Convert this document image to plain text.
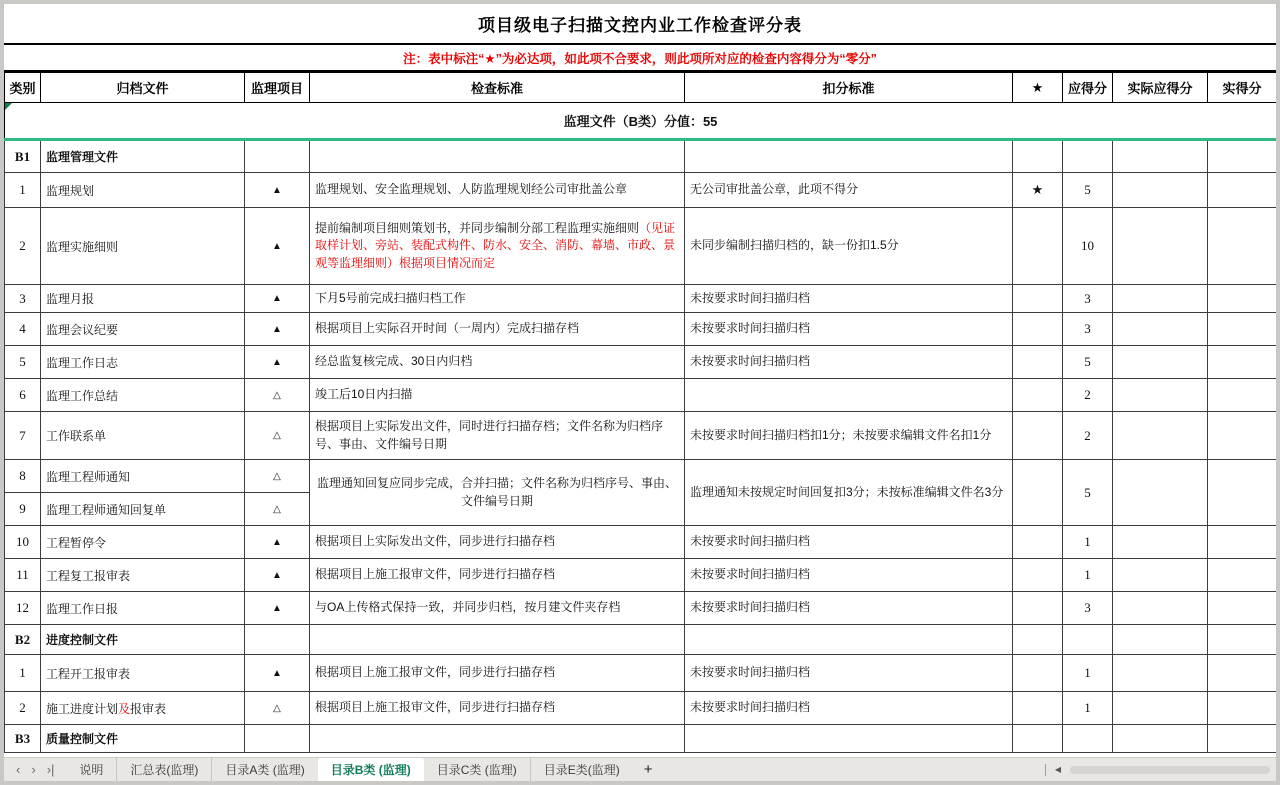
项目级电子扫描文控内业工作检查评分表
注：表中标注“★”为必达项，如此项不合要求，则此项所对应的检查内容得分为“零分”
类别	归档文件	监理项目	检查标准	扣分标准	★	应得分	实际应得分	实得分

监理文件（B类）分值：55								
B1	监理管理文件							
1	监理规划	▲	监理规划、安全监理规划、人防监理规划经公司审批盖公章	无公司审批盖公章，此项不得分	★	5		
2	监理实施细则	▲	提前编制项目细则策划书，并同步编制分部工程监理实施细则（见证取样计划、旁站、装配式构件、防水、安全、消防、幕墙、市政、景观等监理细则）根据项目情况而定	未同步编制扫描归档的，缺一份扣1.5分		10		
3	监理月报	▲	下月5号前完成扫描归档工作	未按要求时间扫描归档		3		
4	监理会议纪要	▲	根据项目上实际召开时间（一周内）完成扫描存档	未按要求时间扫描归档		3		
5	监理工作日志	▲	经总监复核完成、30日内归档	未按要求时间扫描归档		5		
6	监理工作总结	△	竣工后10日内扫描			2		
7	工作联系单	△	根据项目上实际发出文件，同时进行扫描存档；文件名称为归档序号、事由、文件编号日期	未按要求时间扫描归档扣1分；未按要求编辑文件名扣1分		2		
8	监理工程师通知	△	监理通知回复应同步完成，合并扫描；文件名称为归档序号、事由、文件编号日期	监理通知未按规定时间回复扣3分；未按标准编辑文件名3分		5		
9	监理工程师通知回复单	△						
10	工程暂停令	▲	根据项目上实际发出文件，同步进行扫描存档	未按要求时间扫描归档		1		
11	工程复工报审表	▲	根据项目上施工报审文件，同步进行扫描存档	未按要求时间扫描归档		1		
12	监理工作日报	▲	与OA上传格式保持一致，并同步归档，按月建文件夹存档	未按要求时间扫描归档		3		
B2	进度控制文件							
1	工程开工报审表	▲	根据项目上施工报审文件，同步进行扫描存档	未按要求时间扫描归档		1		
2	施工进度计划及报审表	△	根据项目上施工报审文件，同步进行扫描存档	未按要求时间扫描归档		1		
B3	质量控制文件							
‹ › ›|	说明	汇总表(监理)	目录A类 (监理)	目录B类 (监理)	目录C类 (监理)	目录E类(监理)	+	◀
